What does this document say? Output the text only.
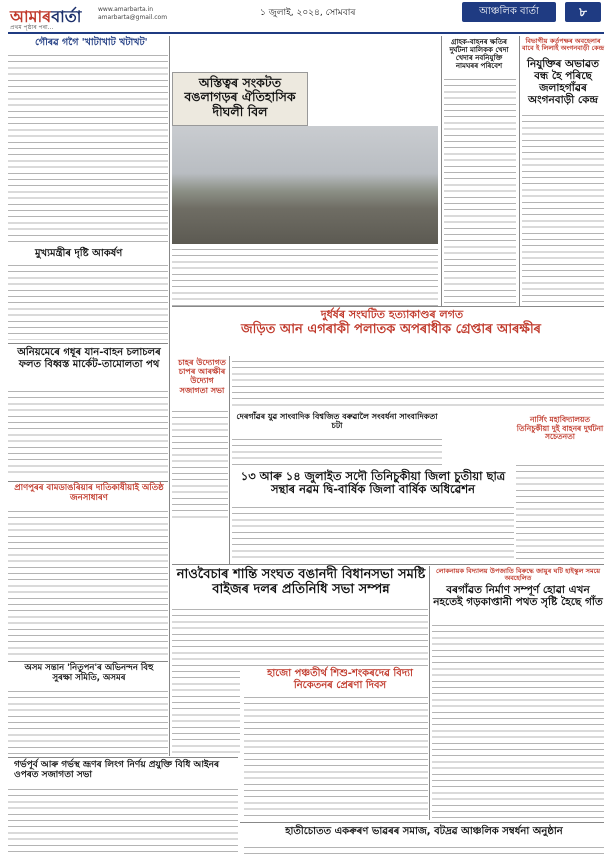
আমাৰবাৰ্তা	www.amarbarta.in
amarbarta@gmail.com	১ জুলাই, ২০২৪, সোমবাৰ	আঞ্চলিক বাৰ্তা	৮
প্ৰথম পৃষ্ঠাৰ পৰা...
গৌৰৱ গগৈ 'খাটাখাট খটাখট'
মুখ্যমন্ত্ৰীৰ দৃষ্টি আকৰ্ষণ
অনিয়মেৰে গধূৰ যান-বাহন চলাচলৰ ফলত বিধ্বস্ত মাৰ্কেট-তামোলতা পথ
প্ৰাণপুৰৰ বামডাঙৰিয়াৰ দাতিকাষীয়াই অতিষ্ঠ জনসাধাৰণ
অসম সন্তান 'নিতুপন'ৰ অভিনন্দন বিহু সুৰক্ষা সমিতি, অসমৰ
গৰ্ভপূৰ্ব আৰু গৰ্ভস্থ ভ্ৰূণৰ লিংগ নিৰ্ণয় প্ৰযুক্তি বিধি আইনৰ ওপৰত সজাগতা সভা
অস্তিত্বৰ সংকটত বঙলাগড়ৰ ঐতিহাসিক দীঘলী বিল
গ্ৰাহক-বাহনৰ ক্ষতিৰ দুৰ্ঘটনা মালিকক খেদা খেদাৰ নবনিযুক্তি নামঘৰৰ পৰিবেশ
বিভাগীয় কৰ্তৃপক্ষৰ অবহেলাৰ বাবে ই লিলাই অংগনবাড়ী কেন্দ্ৰ
নিযুক্তিৰ অভাৱত বন্ধ হৈ পৰিছে জলাহগাঁৱৰ অংগনবাড়ী কেন্দ্ৰ
দুৰ্ধৰ্ষৰ সংঘটিত হত্যাকাণ্ডৰ লগত
জড়িত আন এগৰাকী পলাতক অপৰাধীক গ্ৰেপ্তাৰ আৰক্ষীৰ
চাহৰ উদ্যোগত চাপৰ আৰক্ষীৰ উদ্যোগ সজাগতা সভা
দেৰগাঁৱৰ যুৱ সাংবাদিক বিশ্বজিত বৰুৱালৈ সংবৰ্ধনা সাংবাদিকতা চটা
নাৰ্সিং মহাবিদ্যালয়ত তিনিচুকীয়া দুই বাহনৰ দুৰ্ঘটনা সচেতনতা
১৩ আৰু ১৪ জুলাইত সদৌ তিনিচুকীয়া জিলা চুতীয়া ছাত্ৰ সন্থাৰ নৱম দ্বি-বাৰ্ষিক জিলা বাৰ্ষিক অধিৱেশন
নাওবৈচাৰ শান্তি সংঘত বঙানদী বিধানসভা সমষ্টি বাইজৰ দলৰ প্ৰতিনিধি সভা সম্পন্ন
লোকনায়ক বিদ্যালয় উপজাতি বিৰুদ্ধে জায়ুৰ ঘটি হাইস্কুল সময়ে অবহেলিত
বৰগাঁৱত নিৰ্মাণ সম্পূৰ্ণ হোৱা এখন নহতেই গড়কাপ্তানী পথত সৃষ্টি হৈছে গাঁত
হাজো পঞ্চতীৰ্থ শিশু-শংকৰদেৱ বিদ্যা নিকেতনৰ প্ৰেৰণা দিবস
হাতীচোতত একৰুৰণ ভাৱৰৰ সমাজ, বটদ্ৰৱ আঞ্চলিক সম্বৰ্ধনা অনুষ্ঠান
